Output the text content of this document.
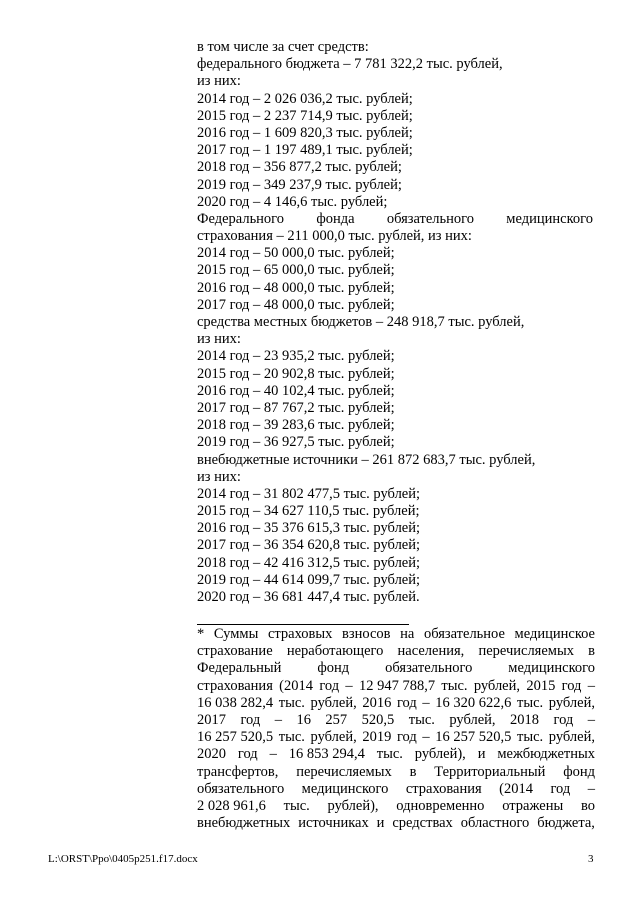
в том числе за счет средств:
федерального бюджета – 7 781 322,2 тыс. рублей,
из них:
2014 год – 2 026 036,2 тыс. рублей;
2015 год – 2 237 714,9 тыс. рублей;
2016 год – 1 609 820,3 тыс. рублей;
2017 год – 1 197 489,1 тыс. рублей;
2018 год – 356 877,2 тыс. рублей;
2019 год – 349 237,9 тыс. рублей;
2020 год – 4 146,6 тыс. рублей;
Федерального фонда обязательного медицинского
страхования – 211 000,0 тыс. рублей, из них:
2014 год – 50 000,0 тыс. рублей;
2015 год – 65 000,0 тыс. рублей;
2016 год – 48 000,0 тыс. рублей;
2017 год – 48 000,0 тыс. рублей;
средства местных бюджетов – 248 918,7 тыс. рублей,
из них:
2014 год – 23 935,2 тыс. рублей;
2015 год – 20 902,8 тыс. рублей;
2016 год – 40 102,4 тыс. рублей;
2017 год – 87 767,2 тыс. рублей;
2018 год – 39 283,6 тыс. рублей;
2019 год – 36 927,5 тыс. рублей;
внебюджетные источники – 261 872 683,7 тыс. рублей,
из них:
2014 год – 31 802 477,5 тыс. рублей;
2015 год – 34 627 110,5 тыс. рублей;
2016 год – 35 376 615,3 тыс. рублей;
2017 год – 36 354 620,8 тыс. рублей;
2018 год – 42 416 312,5 тыс. рублей;
2019 год – 44 614 099,7 тыс. рублей;
2020 год – 36 681 447,4 тыс. рублей.
* Суммы страховых взносов на обязательное медицинское
страхование неработающего населения, перечисляемых в
Федеральный фонд обязательного медицинского
страхования (2014 год – 12 947 788,7 тыс. рублей, 2015 год –
16 038 282,4 тыс. рублей, 2016 год – 16 320 622,6 тыс. рублей,
2017 год – 16 257 520,5 тыс. рублей, 2018 год –
16 257 520,5 тыс. рублей, 2019 год – 16 257 520,5 тыс. рублей,
2020 год – 16 853 294,4 тыс. рублей), и межбюджетных
трансфертов, перечисляемых в Территориальный фонд
обязательного медицинского страхования (2014 год –
2 028 961,6 тыс. рублей), одновременно отражены во
внебюджетных источниках и средствах областного бюджета,
L:\ORST\Ppo\0405p251.f17.docx	3
